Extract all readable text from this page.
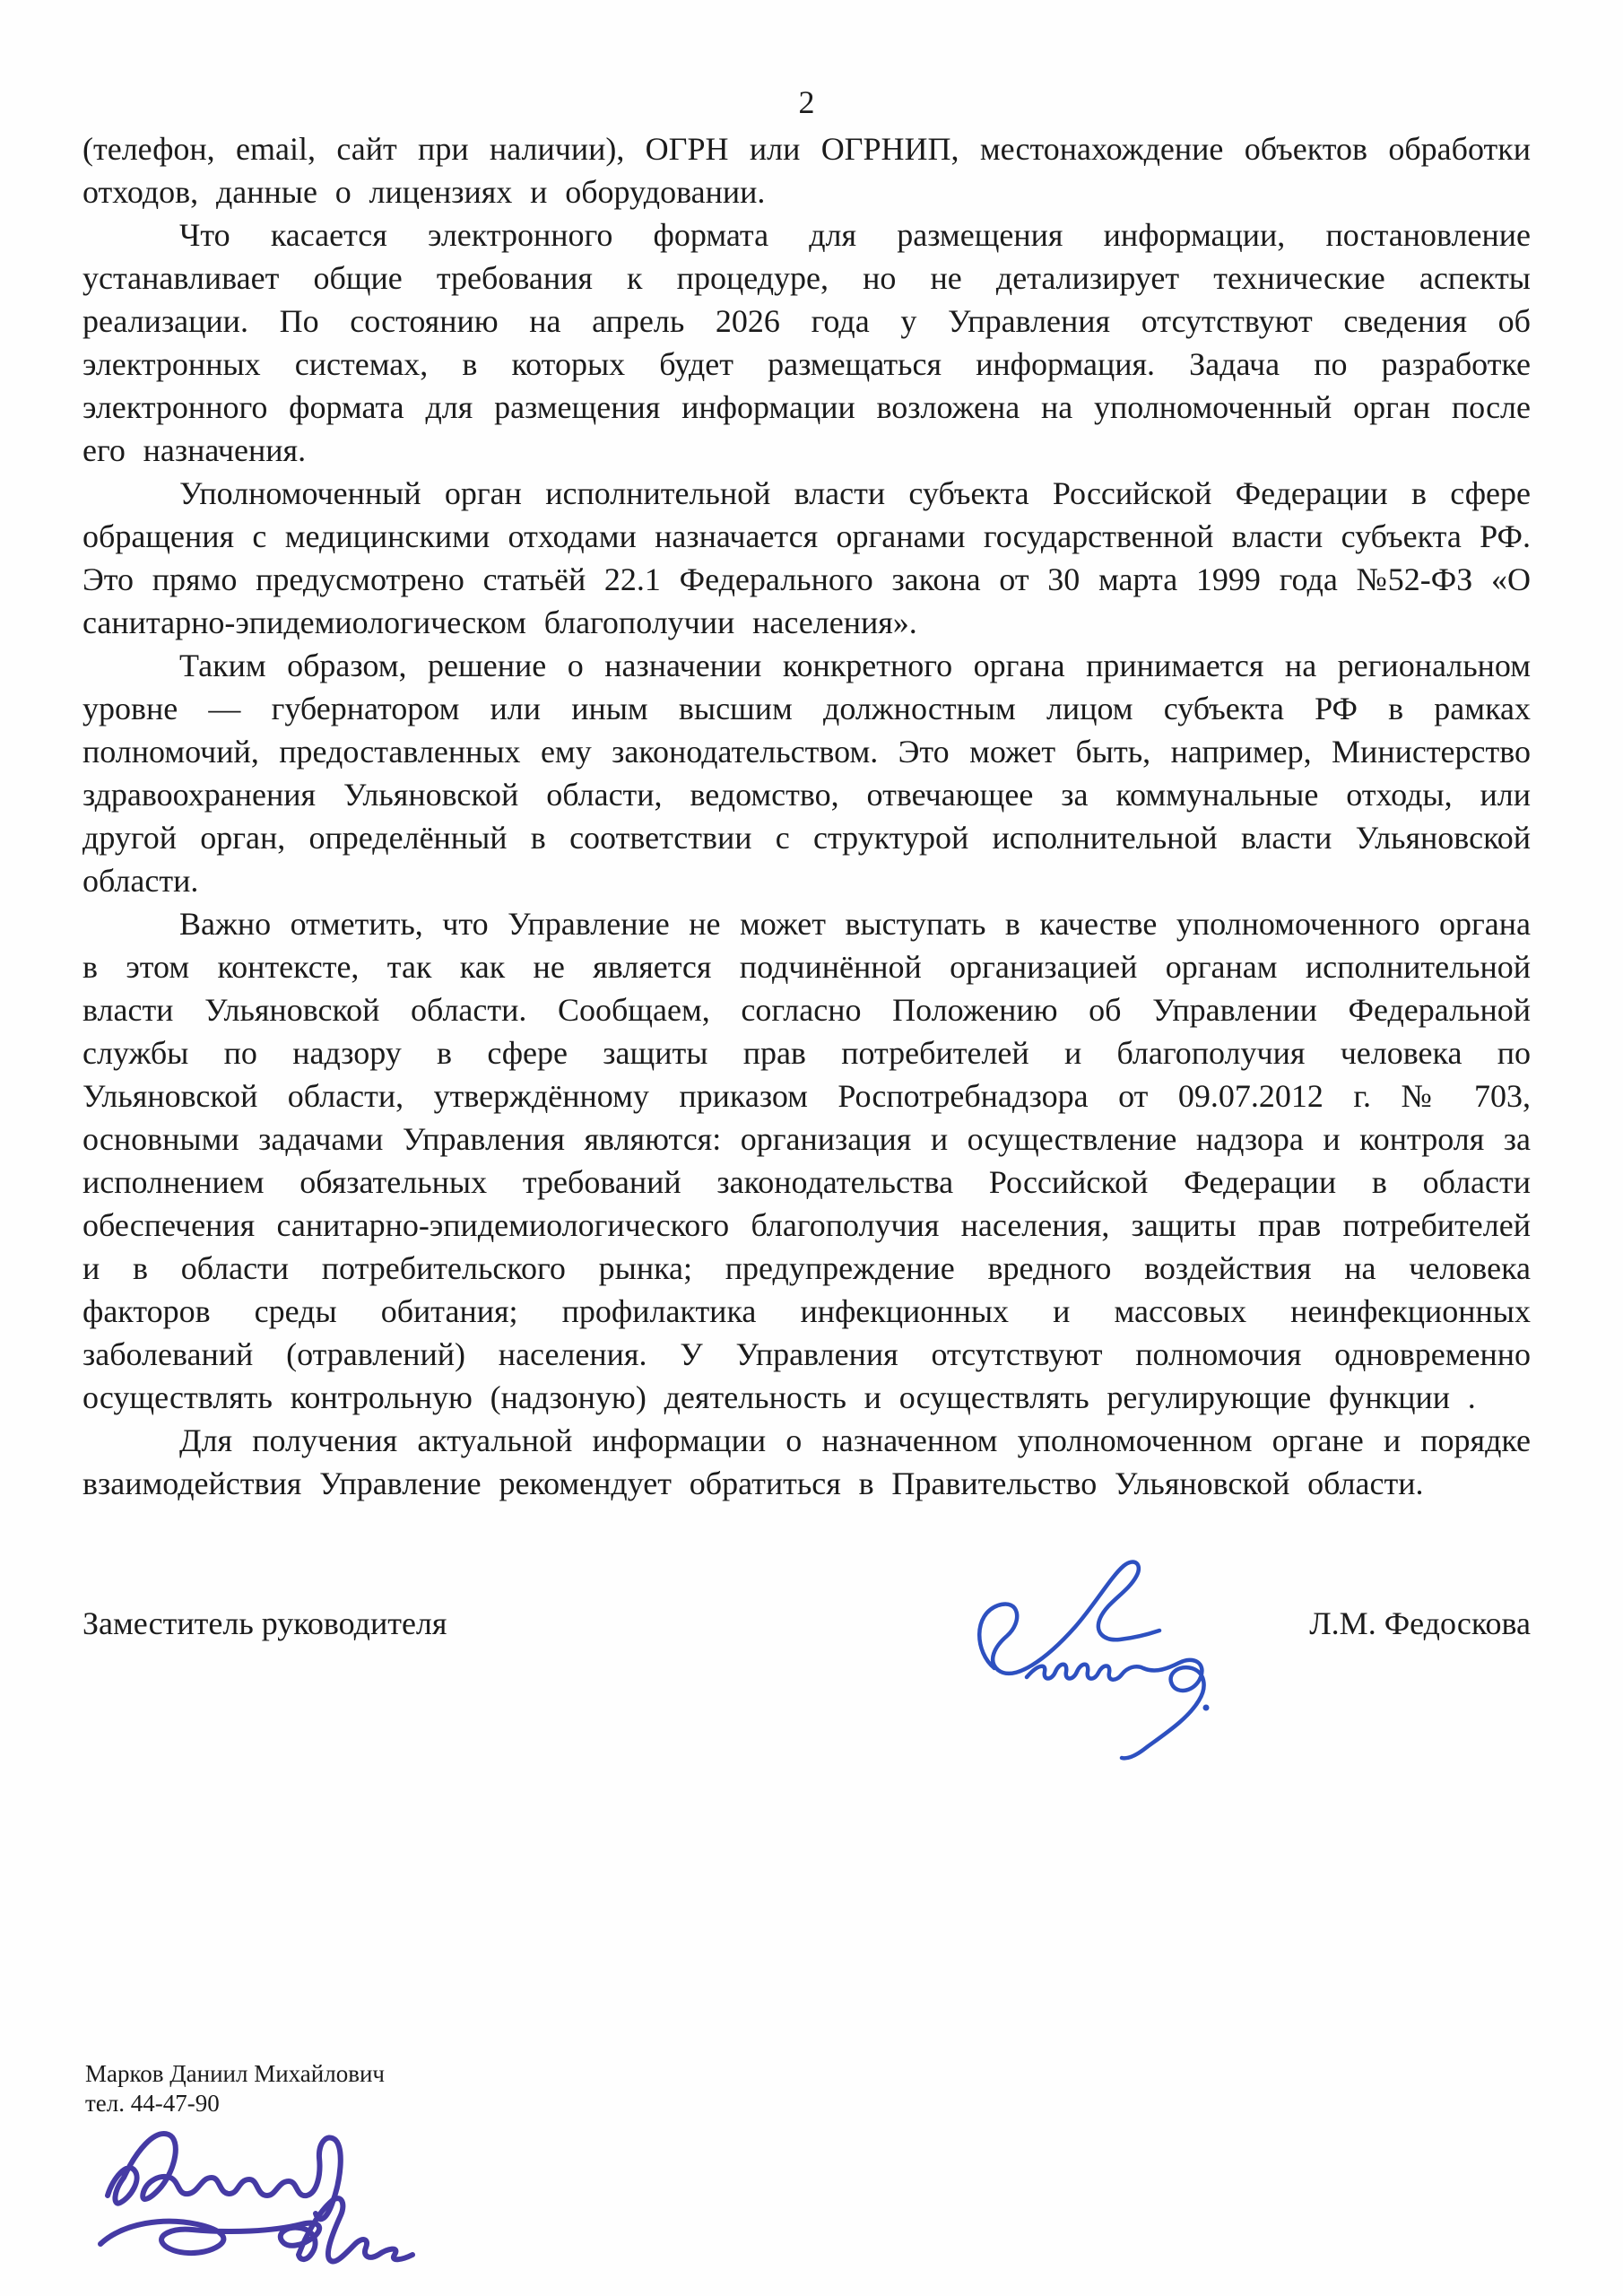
2

(телефон, email, сайт при наличии), ОГРН или ОГРНИП, местонахождение объектов обработки отходов, данные о лицензиях и оборудовании.

Что касается электронного формата для размещения информации, постановление устанавливает общие требования к процедуре, но не детализирует технические аспекты реализации. По состоянию на апрель 2026 года у Управления отсутствуют сведения об электронных системах, в которых будет размещаться информация. Задача по разработке электронного формата для размещения информации возложена на уполномоченный орган после его назначения.

Уполномоченный орган исполнительной власти субъекта Российской Федерации в сфере обращения с медицинскими отходами назначается органами государственной власти субъекта РФ. Это прямо предусмотрено статьёй 22.1 Федерального закона от 30 марта 1999 года №52-ФЗ «О санитарно-эпидемиологическом благополучии населения».

Таким образом, решение о назначении конкретного органа принимается на региональном уровне — губернатором или иным высшим должностным лицом субъекта РФ в рамках полномочий, предоставленных ему законодательством. Это может быть, например, Министерство здравоохранения Ульяновской области, ведомство, отвечающее за коммунальные отходы, или другой орган, определённый в соответствии с структурой исполнительной власти Ульяновской области.

Важно отметить, что Управление не может выступать в качестве уполномоченного органа в этом контексте, так как не является подчинённой организацией органам исполнительной власти Ульяновской области. Сообщаем, согласно Положению об Управлении Федеральной службы по надзору в сфере защиты прав потребителей и благополучия человека по Ульяновской области, утверждённому приказом Роспотребнадзора от 09.07.2012 г. № 703, основными задачами Управления являются: организация и осуществление надзора и контроля за исполнением обязательных требований законодательства Российской Федерации в области обеспечения санитарно-эпидемиологического благополучия населения, защиты прав потребителей и в области потребительского рынка; предупреждение вредного воздействия на человека факторов среды обитания; профилактика инфекционных и массовых неинфекционных заболеваний (отравлений) населения. У Управления отсутствуют полномочия одновременно осуществлять контрольную (надзоную) деятельность и осуществлять регулирующие функции .

Для получения актуальной информации о назначенном уполномоченном органе и порядке взаимодействия Управление рекомендует обратиться в Правительство Ульяновской области.

Заместитель руководителя	Л.М. Федоскова
Марков Даниил Михайлович
тел. 44-47-90
